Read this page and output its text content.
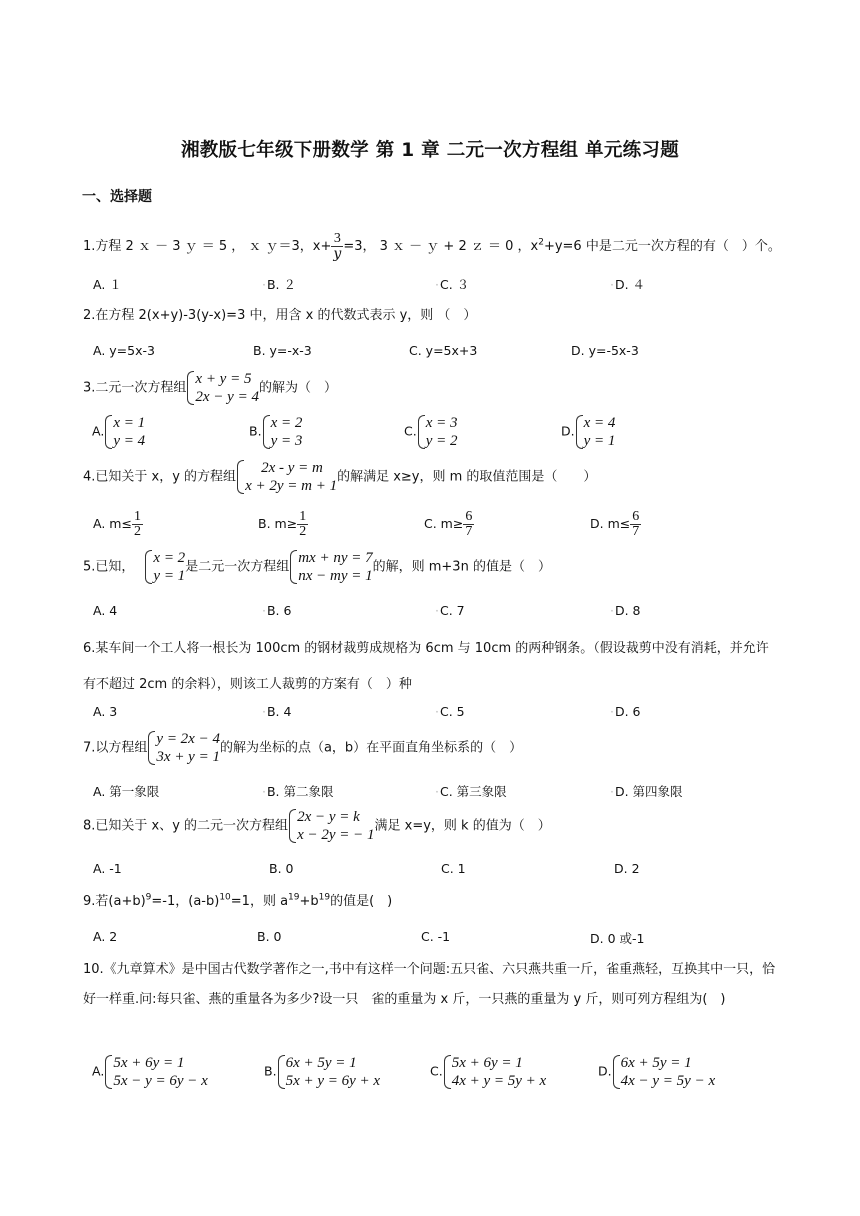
湘教版七年级下册数学 第 1 章 二元一次方程组 单元练习题
一、选择题
1.方程 2 ｘ － 3 ｙ ＝ 5 ， ｘ ｙ＝3，$x+ \frac{3}{y} =3$， 3 ｘ － ｙ + 2 ｚ ＝ 0 ，$x^2+y=6$ 中是二元一次方程的有（　）个。
A. １	· B. ２	· C. ３	· D. ４
2.在方程 2(x+y)-3(y-x)=3 中，用含 x 的代数式表示 y，则 （　）
A. y=5x-3	B. y=-x-3	C. y=5x+3	D. y=-5x-3
3.二元一次方程组
x + y = 5
2x − y = 4
的解为（　）
A. x = 1
y = 4
B. x = 2
y = 3
C. x = 3
y = 2
D. x = 4
y = 1
4.已知关于 x，y 的方程组
2x - y = m
x + 2y = m + 1
的解满足 x≥y，则 m 的取值范围是（　　）
A. $m\le \frac{1}{2}$	B. $m\ge \frac{1}{2}$	C. $m\ge \frac{6}{7}$	D. $m\le \frac{6}{7}$
5.已知，
x = 2
y = 1
是二元一次方程组
mx + ny = 7
nx − my = 1
的解，则 m+3n 的值是（　）
A. 4	· B. 6	· C. 7	· D. 8
6.某车间一个工人将一根长为 100cm 的钢材裁剪成规格为 6cm 与 10cm 的两种钢条。（假设裁剪中没有消耗，并允许有不超过 2cm 的余料），则该工人裁剪的方案有（　）种
A. 3	· B. 4	· C. 5	· D. 6
7.以方程组
y = 2x − 4
3x + y = 1
的解为坐标的点（a，b）在平面直角坐标系的（　）
A. 第一象限	· B. 第二象限	· C. 第三象限	· D. 第四象限
8.已知关于 x、y 的二元一次方程组
2x − y = k
x − 2y = − 1
满足 x=y，则 k 的值为（　）
A. -1	B. 0	C. 1	D. 2
9.若$(a+b)^9=-1$，$(a-b)^{10}=1$，则 $a^{19}+b^{19}$的值是(　)
A. 2	B. 0	C. -1	D. 0 或-1
10.《九章算术》是中国古代数学著作之一,书中有这样一个问题:五只雀、六只燕共重一斤，雀重燕轻，互换其中一只，恰好一样重.问:每只雀、燕的重量各为多少?设一只　雀的重量为 x 斤，一只燕的重量为 y 斤，则可列方程组为(　)
A. 5x + 6y = 1
5x − y = 6y − x
B. 6x + 5y = 1
5x + y = 6y + x
C. 5x + 6y = 1
4x + y = 5y + x
D. 6x + 5y = 1
4x − y = 5y − x
